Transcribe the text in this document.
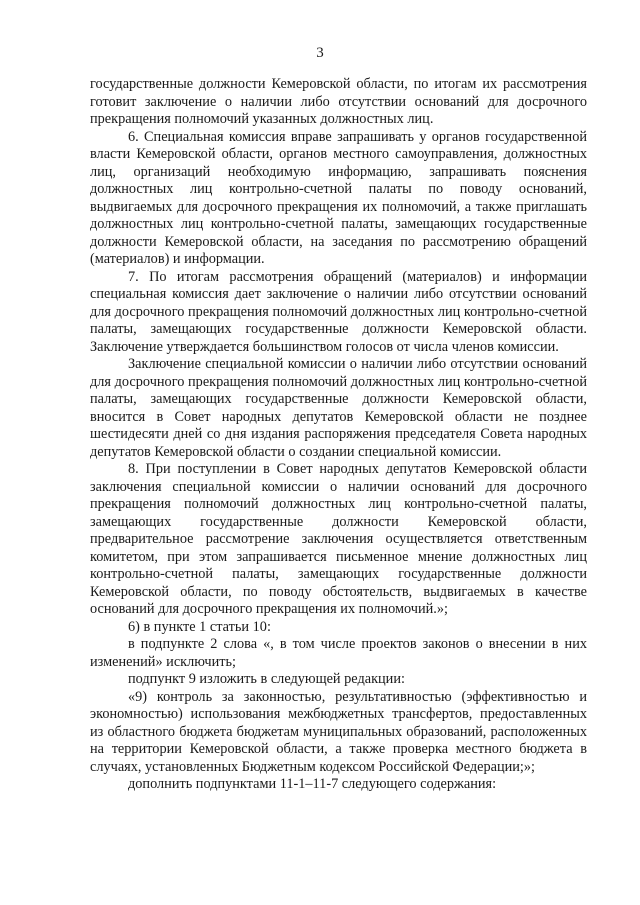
3

государственные должности Кемеровской области, по итогам их рассмотрения готовит заключение о наличии либо отсутствии оснований для досрочного прекращения полномочий указанных должностных лиц.

6. Специальная комиссия вправе запрашивать у органов государственной власти Кемеровской области, органов местного самоуправления, должностных лиц, организаций необходимую информацию, запрашивать пояснения должностных лиц контрольно-счетной палаты по поводу оснований, выдвигаемых для досрочного прекращения их полномочий, а также приглашать должностных лиц контрольно-счетной палаты, замещающих государственные должности Кемеровской области, на заседания по рассмотрению обращений (материалов) и информации.

7. По итогам рассмотрения обращений (материалов) и информации специальная комиссия дает заключение о наличии либо отсутствии оснований для досрочного прекращения полномочий должностных лиц контрольно-счетной палаты, замещающих государственные должности Кемеровской области. Заключение утверждается большинством голосов от числа членов комиссии.

Заключение специальной комиссии о наличии либо отсутствии оснований для досрочного прекращения полномочий должностных лиц контрольно-счетной палаты, замещающих государственные должности Кемеровской области, вносится в Совет народных депутатов Кемеровской области не позднее шестидесяти дней со дня издания распоряжения председателя Совета народных депутатов Кемеровской области о создании специальной комиссии.

8. При поступлении в Совет народных депутатов Кемеровской области заключения специальной комиссии о наличии оснований для досрочного прекращения полномочий должностных лиц контрольно-счетной палаты, замещающих государственные должности Кемеровской области, предварительное рассмотрение заключения осуществляется ответственным комитетом, при этом запрашивается письменное мнение должностных лиц контрольно-счетной палаты, замещающих государственные должности Кемеровской области, по поводу обстоятельств, выдвигаемых в качестве оснований для досрочного прекращения их полномочий.»;

6) в пункте 1 статьи 10:

в подпункте 2 слова «, в том числе проектов законов о внесении в них изменений» исключить;

подпункт 9 изложить в следующей редакции:

«9) контроль за законностью, результативностью (эффективностью и экономностью) использования межбюджетных трансфертов, предоставленных из областного бюджета бюджетам муниципальных образований, расположенных на территории Кемеровской области, а также проверка местного бюджета в случаях, установленных Бюджетным кодексом Российской Федерации;»;

дополнить подпунктами 11-1–11-7 следующего содержания:
